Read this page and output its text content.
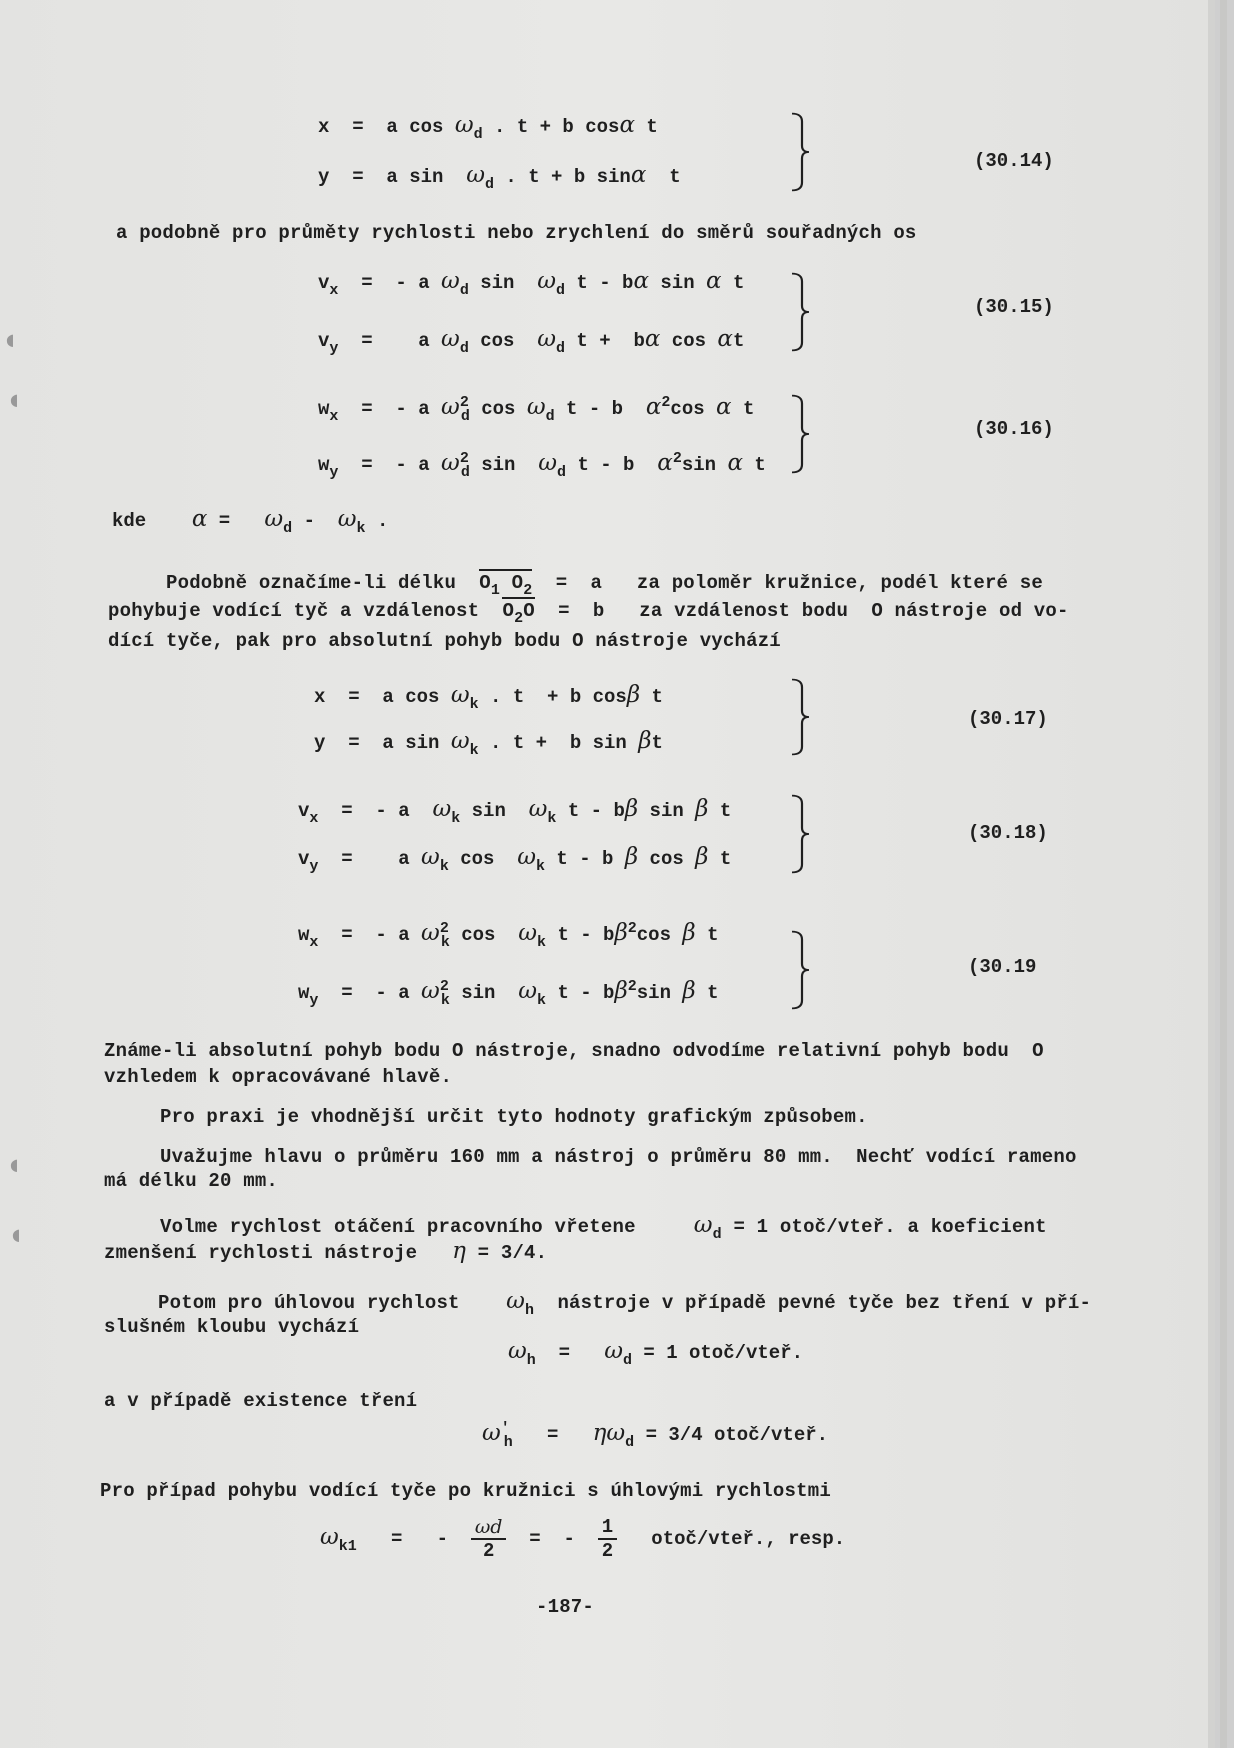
◖
◖
◖
◖
x  =  a $\cos \omega_d$ . t + b cosα t
y  =  a $\sin \omega_d$ . t + b sinα  t
(30.14)
a podobně pro průměty rychlosti nebo zrychlení do směrů souřadných os
$v_x$  =  - a $\omega_d$ $\sin \omega_d$ t - bα sin α t
$v_y$  =    a $\omega_d$ $\cos \omega_d$ t +  bα cos αt
(30.15)
$w_x$  =  - a $\omega^2_d$ $\cos \omega_d$ t - b  $\alpha^2\cos$ α t
$w_y$  =  - a $\omega^2_d$ $\sin \omega_d$ t - b  $\alpha^2\sin$ α t
(30.16)
kde    $\alpha = \omega_d - \omega_k$ .
Podobně označíme-li délku  $O_1$ $O_2 = a$   za poloměr kružnice, podél které se
pohybuje vodící tyč a vzdálenost  $O_2O = b$   za vzdálenost bodu  O nástroje od vo-
dící tyče, pak pro absolutní pohyb bodu O nástroje vychází
x  =  a $\cos \omega_k$ . t  + b cosβ t
y  =  a $\sin \omega_k$ . t +  b sin βt
(30.17)
$v_x$  =  - a  $\omega_k$ $\sin \omega_k$ t - bβ sin β t
$v_y$  =    a $\omega_k$ $\cos \omega_k$ t - b β cos β t
(30.18)
$w_x$  =  - a $\omega^2_k$ $\cos \omega_k$ t - $b\beta^2\cos$ β t
$w_y$  =  - a $\omega^2_k$ $\sin \omega_k$ t - $b\beta^2\sin$ β t
(30.19
Známe-li absolutní pohyb bodu O nástroje, snadno odvodíme relativní pohyb bodu  O
vzhledem k opracovávané hlavě.
Pro praxi je vhodnější určit tyto hodnoty grafickým způsobem.
Uvažujme hlavu o průměru 160 mm a nástroj o průměru 80 mm.  Nechť vodící rameno
má délku 20 mm.
Volme rychlost otáčení pracovního vřetene     $\omega_d = 1$ otoč/vteř. a koeficient
zmenšení rychlosti nástroje   η = 3/4.
Potom pro úhlovou rychlost    $\omega_h$  nástroje v případě pevné tyče bez tření v pří-
slušném kloubu vychází
$\omega_h = \omega_d = 1$ otoč/vteř.
a v případě existence tření
$\omega'_h = \eta\omega_d = 3/4$ otoč/vteř.
Pro případ pohybu vodící tyče po kružnici s úhlovými rychlostmi
$\omega_{k1}$   =   - $\frac{\omega d}{2}$ =  - $\frac{1}{2}$ otoč/vteř., resp.
-187-
